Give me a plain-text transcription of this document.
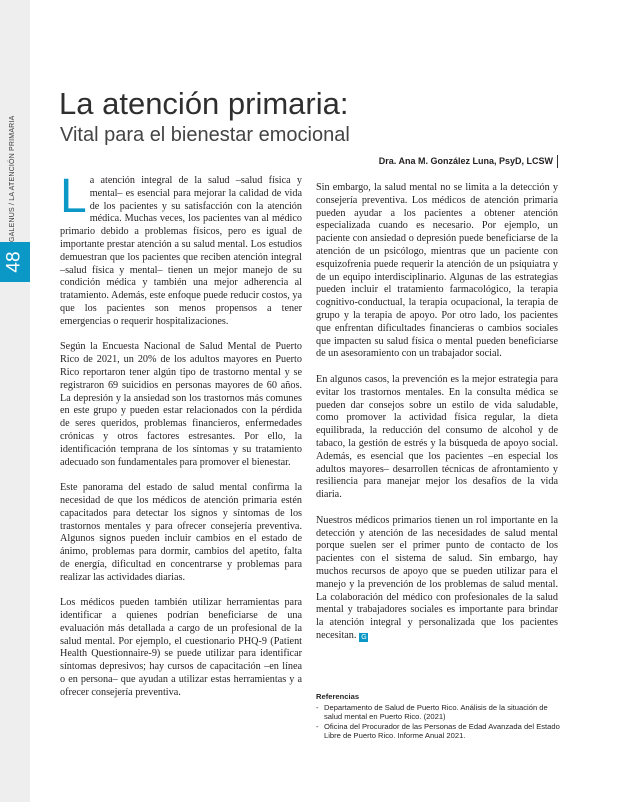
GALENUS / LA ATENCIÓN PRIMARIA
48
La atención primaria:
Vital para el bienestar emocional
Dra. Ana M. González Luna, PsyD, LCSW

La atención integral de la salud –salud física y mental– es esencial para mejorar la calidad de vida de los pacientes y su satisfacción con la atención médica. Muchas veces, los pacientes van al médico primario debido a problemas físicos, pero es igual de importante prestar atención a su salud mental. Los estudios demuestran que los pacientes que reciben atención integral –salud física y mental– tienen un mejor manejo de su condición médica y también una mejor adherencia al tratamiento. Además, este enfoque puede reducir costos, ya que los pacientes son menos propensos a tener emergencias o requerir hospitalizaciones.

Según la Encuesta Nacional de Salud Mental de Puerto Rico de 2021, un 20% de los adultos mayores en Puerto Rico reportaron tener algún tipo de trastorno mental y se registraron 69 suicidios en personas mayores de 60 años. La depresión y la ansiedad son los trastornos más comunes en este grupo y pueden estar relacionados con la pérdida de seres queridos, problemas financieros, enfermedades crónicas y otros factores estresantes. Por ello, la identificación temprana de los síntomas y su tratamiento adecuado son fundamentales para promover el bienestar.

Este panorama del estado de salud mental confirma la necesidad de que los médicos de atención primaria estén capacitados para detectar los signos y síntomas de los trastornos mentales y para ofrecer consejería preventiva. Algunos signos pueden incluir cambios en el estado de ánimo, problemas para dormir, cambios del apetito, falta de energía, dificultad en concentrarse y problemas para realizar las actividades diarias.

Los médicos pueden también utilizar herramientas para identificar a quienes podrían beneficiarse de una evaluación más detallada a cargo de un profesional de la salud mental. Por ejemplo, el cuestionario PHQ-9 (Patient Health Questionnaire-9) se puede utilizar para identificar síntomas depresivos; hay cursos de capacitación –en línea o en persona– que ayudan a utilizar estas herramientas y a ofrecer consejería preventiva.

Sin embargo, la salud mental no se limita a la detección y consejería preventiva. Los médicos de atención primaria pueden ayudar a los pacientes a obtener atención especializada cuando es necesario. Por ejemplo, un paciente con ansiedad o depresión puede beneficiarse de la atención de un psicólogo, mientras que un paciente con esquizofrenia puede requerir la atención de un psiquiatra y de un equipo interdisciplinario. Algunas de las estrategias pueden incluir el tratamiento farmacológico, la terapia cognitivo-conductual, la terapia ocupacional, la terapia de grupo y la terapia de apoyo. Por otro lado, los pacientes que enfrentan dificultades financieras o cambios sociales que impacten su salud física o mental pueden beneficiarse de un asesoramiento con un trabajador social.

En algunos casos, la prevención es la mejor estrategia para evitar los trastornos mentales. En la consulta médica se pueden dar consejos sobre un estilo de vida saludable, como promover la actividad física regular, la dieta equilibrada, la reducción del consumo de alcohol y de tabaco, la gestión de estrés y la búsqueda de apoyo social. Además, es esencial que los pacientes –en especial los adultos mayores– desarrollen técnicas de afrontamiento y resiliencia para manejar mejor los desafíos de la vida diaria.

Nuestros médicos primarios tienen un rol importante en la detección y atención de las necesidades de salud mental porque suelen ser el primer punto de contacto de los pacientes con el sistema de salud. Sin embargo, hay muchos recursos de apoyo que se pueden utilizar para el manejo y la prevención de los problemas de salud mental. La colaboración del médico con profesionales de la salud mental y trabajadores sociales es importante para brindar la atención integral y personalizada que los pacientes necesitan. G

Referencias
- Departamento de Salud de Puerto Rico. Análisis de la situación de salud mental en Puerto Rico. (2021)
- Oficina del Procurador de las Personas de Edad Avanzada del Estado Libre de Puerto Rico. Informe Anual 2021.
